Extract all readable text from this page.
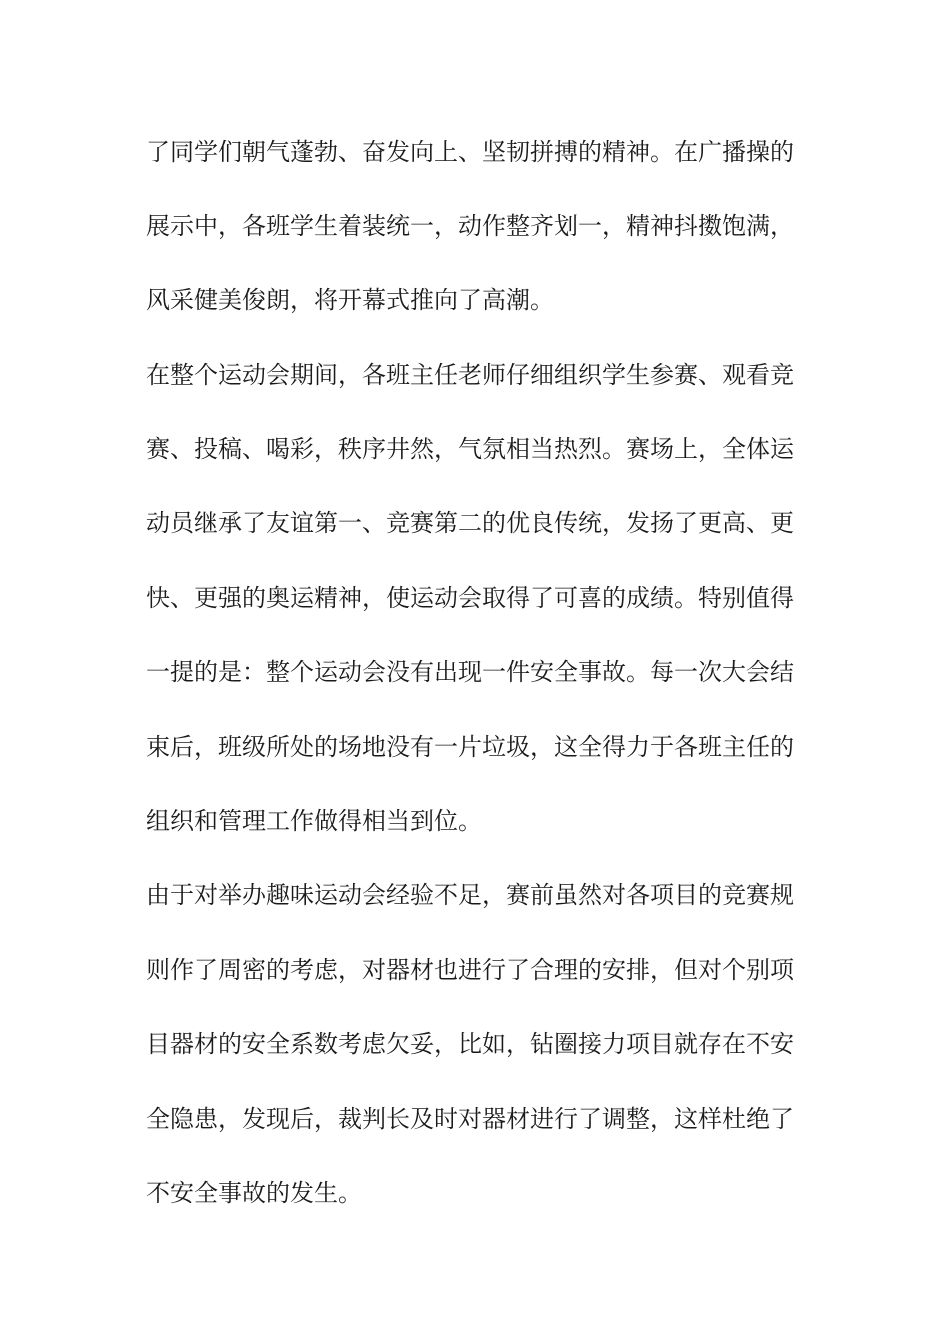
了同学们朝气蓬勃、奋发向上、坚韧拼搏的精神。在广播操的
展示中，各班学生着装统一，动作整齐划一，精神抖擞饱满，
风采健美俊朗，将开幕式推向了高潮。
在整个运动会期间，各班主任老师仔细组织学生参赛、观看竞
赛、投稿、喝彩，秩序井然，气氛相当热烈。赛场上，全体运
动员继承了友谊第一、竞赛第二的优良传统，发扬了更高、更
快、更强的奥运精神，使运动会取得了可喜的成绩。特别值得
一提的是：整个运动会没有出现一件安全事故。每一次大会结
束后，班级所处的场地没有一片垃圾，这全得力于各班主任的
组织和管理工作做得相当到位。
由于对举办趣味运动会经验不足，赛前虽然对各项目的竞赛规
则作了周密的考虑，对器材也进行了合理的安排，但对个别项
目器材的安全系数考虑欠妥，比如，钻圈接力项目就存在不安
全隐患，发现后，裁判长及时对器材进行了调整，这样杜绝了
不安全事故的发生。
